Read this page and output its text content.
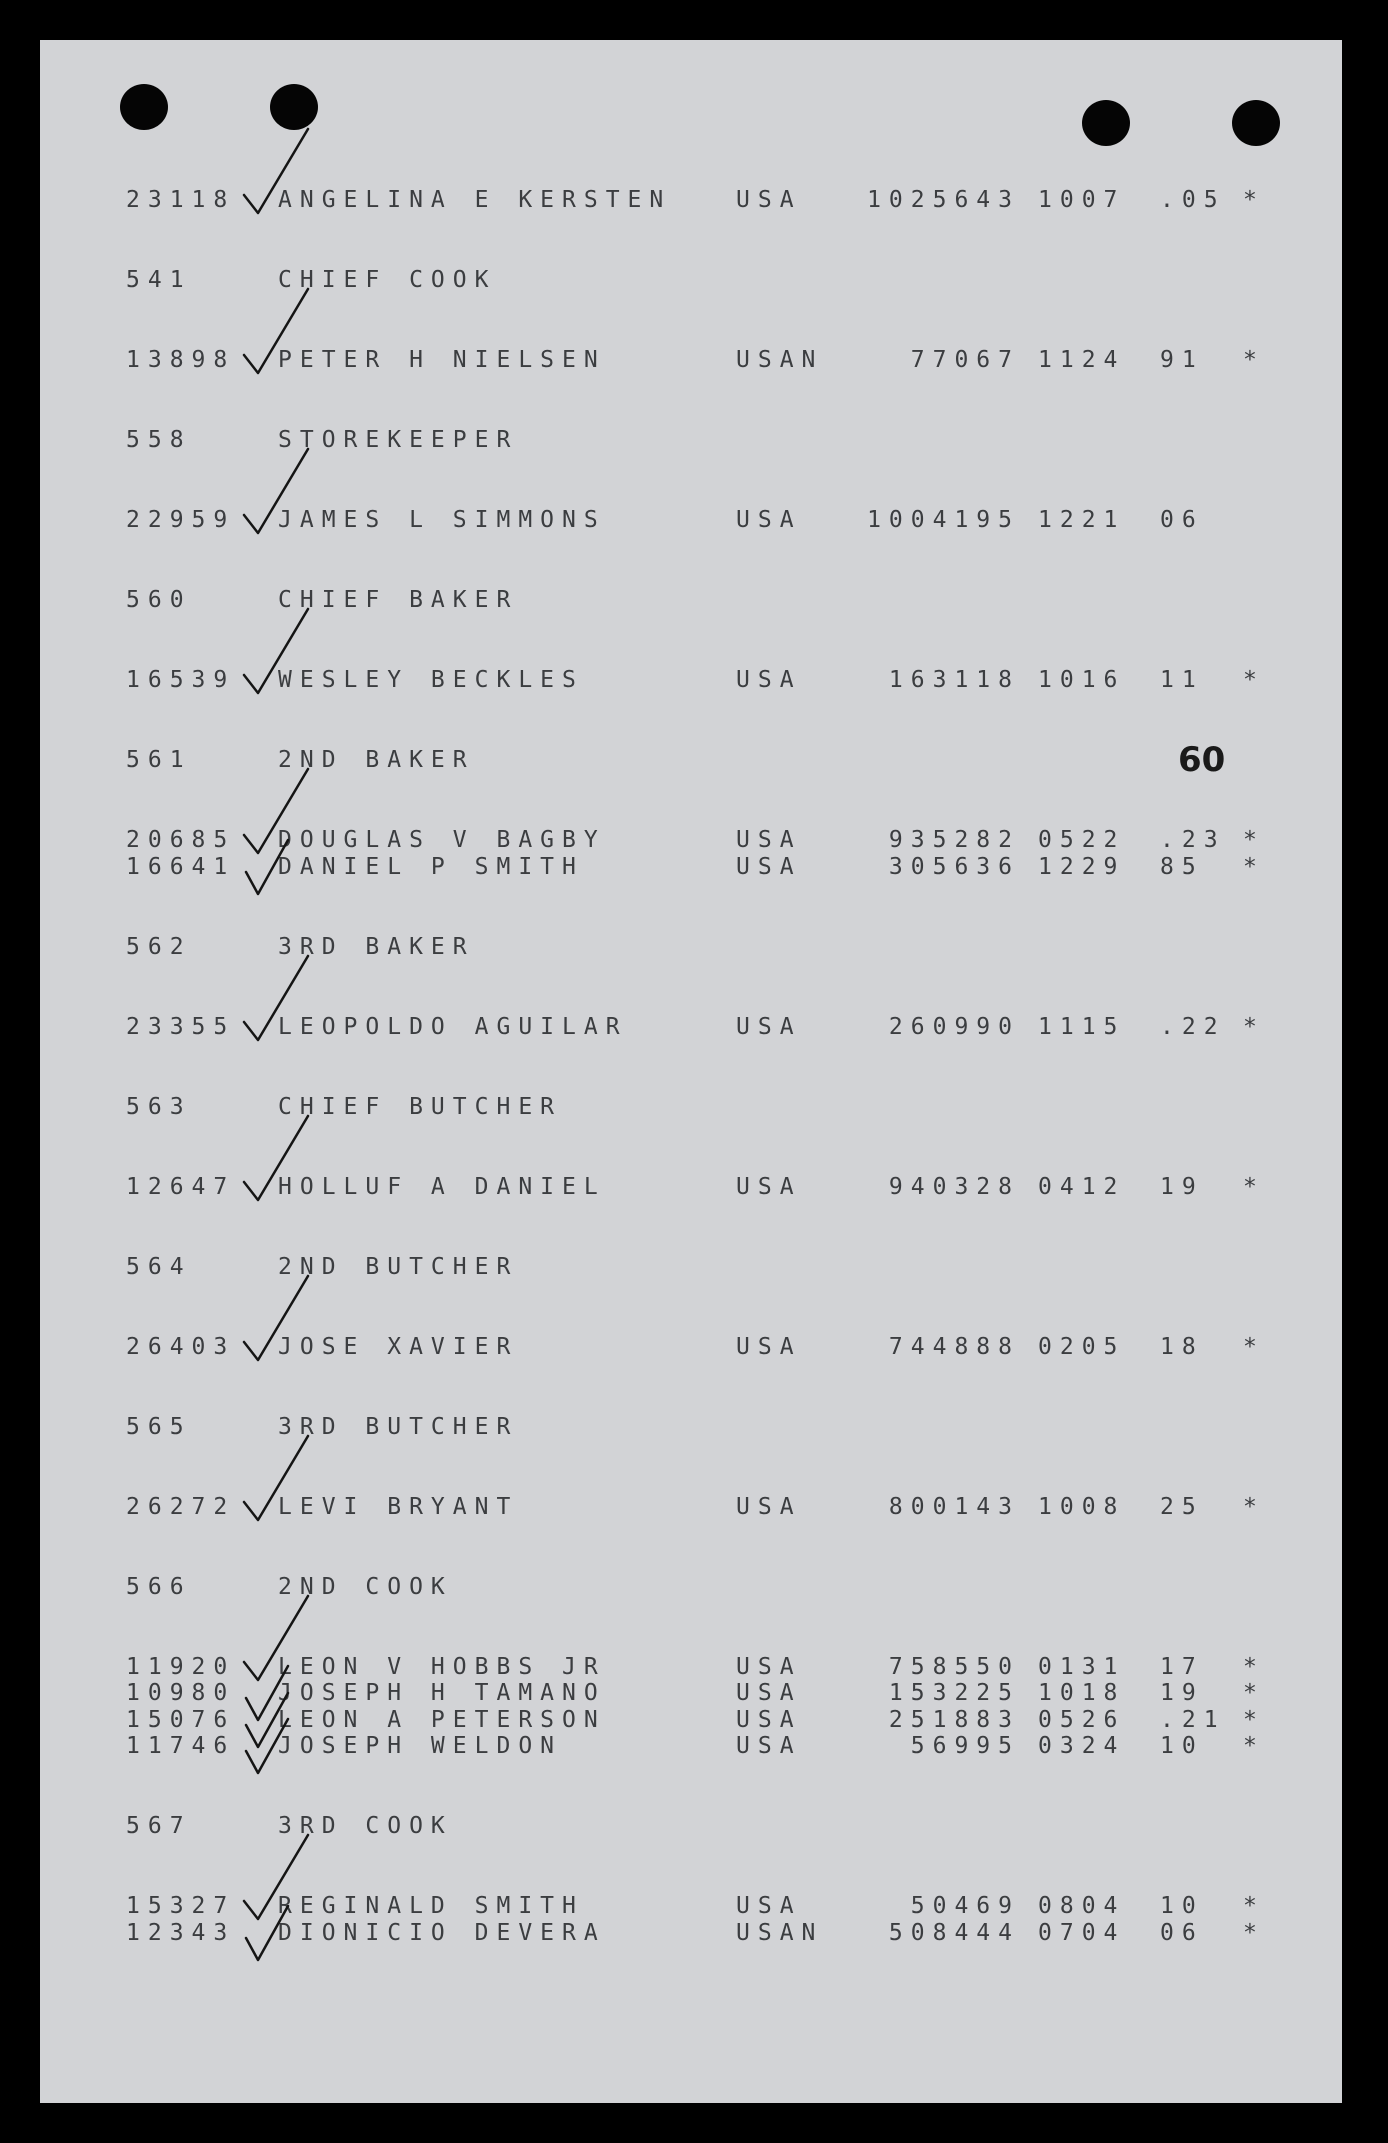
60
23118 ANGELINA E KERSTEN	USA	1025643 1007 .05 *
541	CHIEF COOK
13898 PETER H NIELSEN	USAN	77067 1124 91 *
558	STOREKEEPER
22959 JAMES L SIMMONS	USA	1004195 1221 06
560	CHIEF BAKER
16539 WESLEY BECKLES	USA	163118 1016 11 *
561	2ND BAKER
20685 DOUGLAS V BAGBY	USA	935282 0522 .23 *
16641 DANIEL P SMITH	USA	305636 1229 85 *
562	3RD BAKER
23355 LEOPOLDO AGUILAR	USA	260990 1115 .22 *
563	CHIEF BUTCHER
12647 HOLLUF A DANIEL	USA	940328 0412 19 *
564	2ND BUTCHER
26403 JOSE XAVIER	USA	744888 0205 18 *
565	3RD BUTCHER
26272 LEVI BRYANT	USA	800143 1008 25 *
566	2ND COOK
11920 LEON V HOBBS JR	USA	758550 0131 17 *
10980 JOSEPH H TAMANO	USA	153225 1018 19 *
15076 LEON A PETERSON	USA	251883 0526 .21 *
11746 JOSEPH WELDON	USA	56995 0324 10 *
567	3RD COOK
15327 REGINALD SMITH	USA	50469 0804 10 *
12343 DIONICIO DEVERA	USAN	508444 0704 06 *
